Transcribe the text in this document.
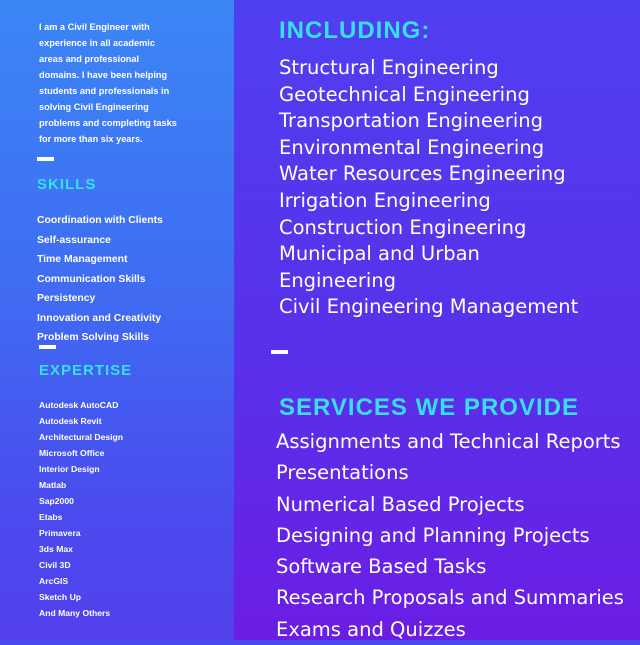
I am a Civil Engineer with
experience in all academic
areas and professional
domains. I have been helping
students and professionals in
solving Civil Engineering
problems and completing tasks
for more than six years.
SKILLS
Coordination with Clients
Self-assurance
Time Management
Communication Skills
Persistency
Innovation and Creativity
Problem Solving Skills
EXPERTISE
Autodesk AutoCAD
Autodesk Revit
Architectural Design
Microsoft Office
Interior Design
Matlab
Sap2000
Etabs
Primavera
3ds Max
Civil 3D
ArcGIS
Sketch Up
And Many Others
INCLUDING:
Structural Engineering
Geotechnical Engineering
Transportation Engineering
Environmental Engineering
Water Resources Engineering
Irrigation Engineering
Construction Engineering
Municipal and Urban
Engineering
Civil Engineering Management
SERVICES WE PROVIDE
Assignments and Technical Reports
Presentations
Numerical Based Projects
Designing and Planning Projects
Software Based Tasks
Research Proposals and Summaries
Exams and Quizzes
